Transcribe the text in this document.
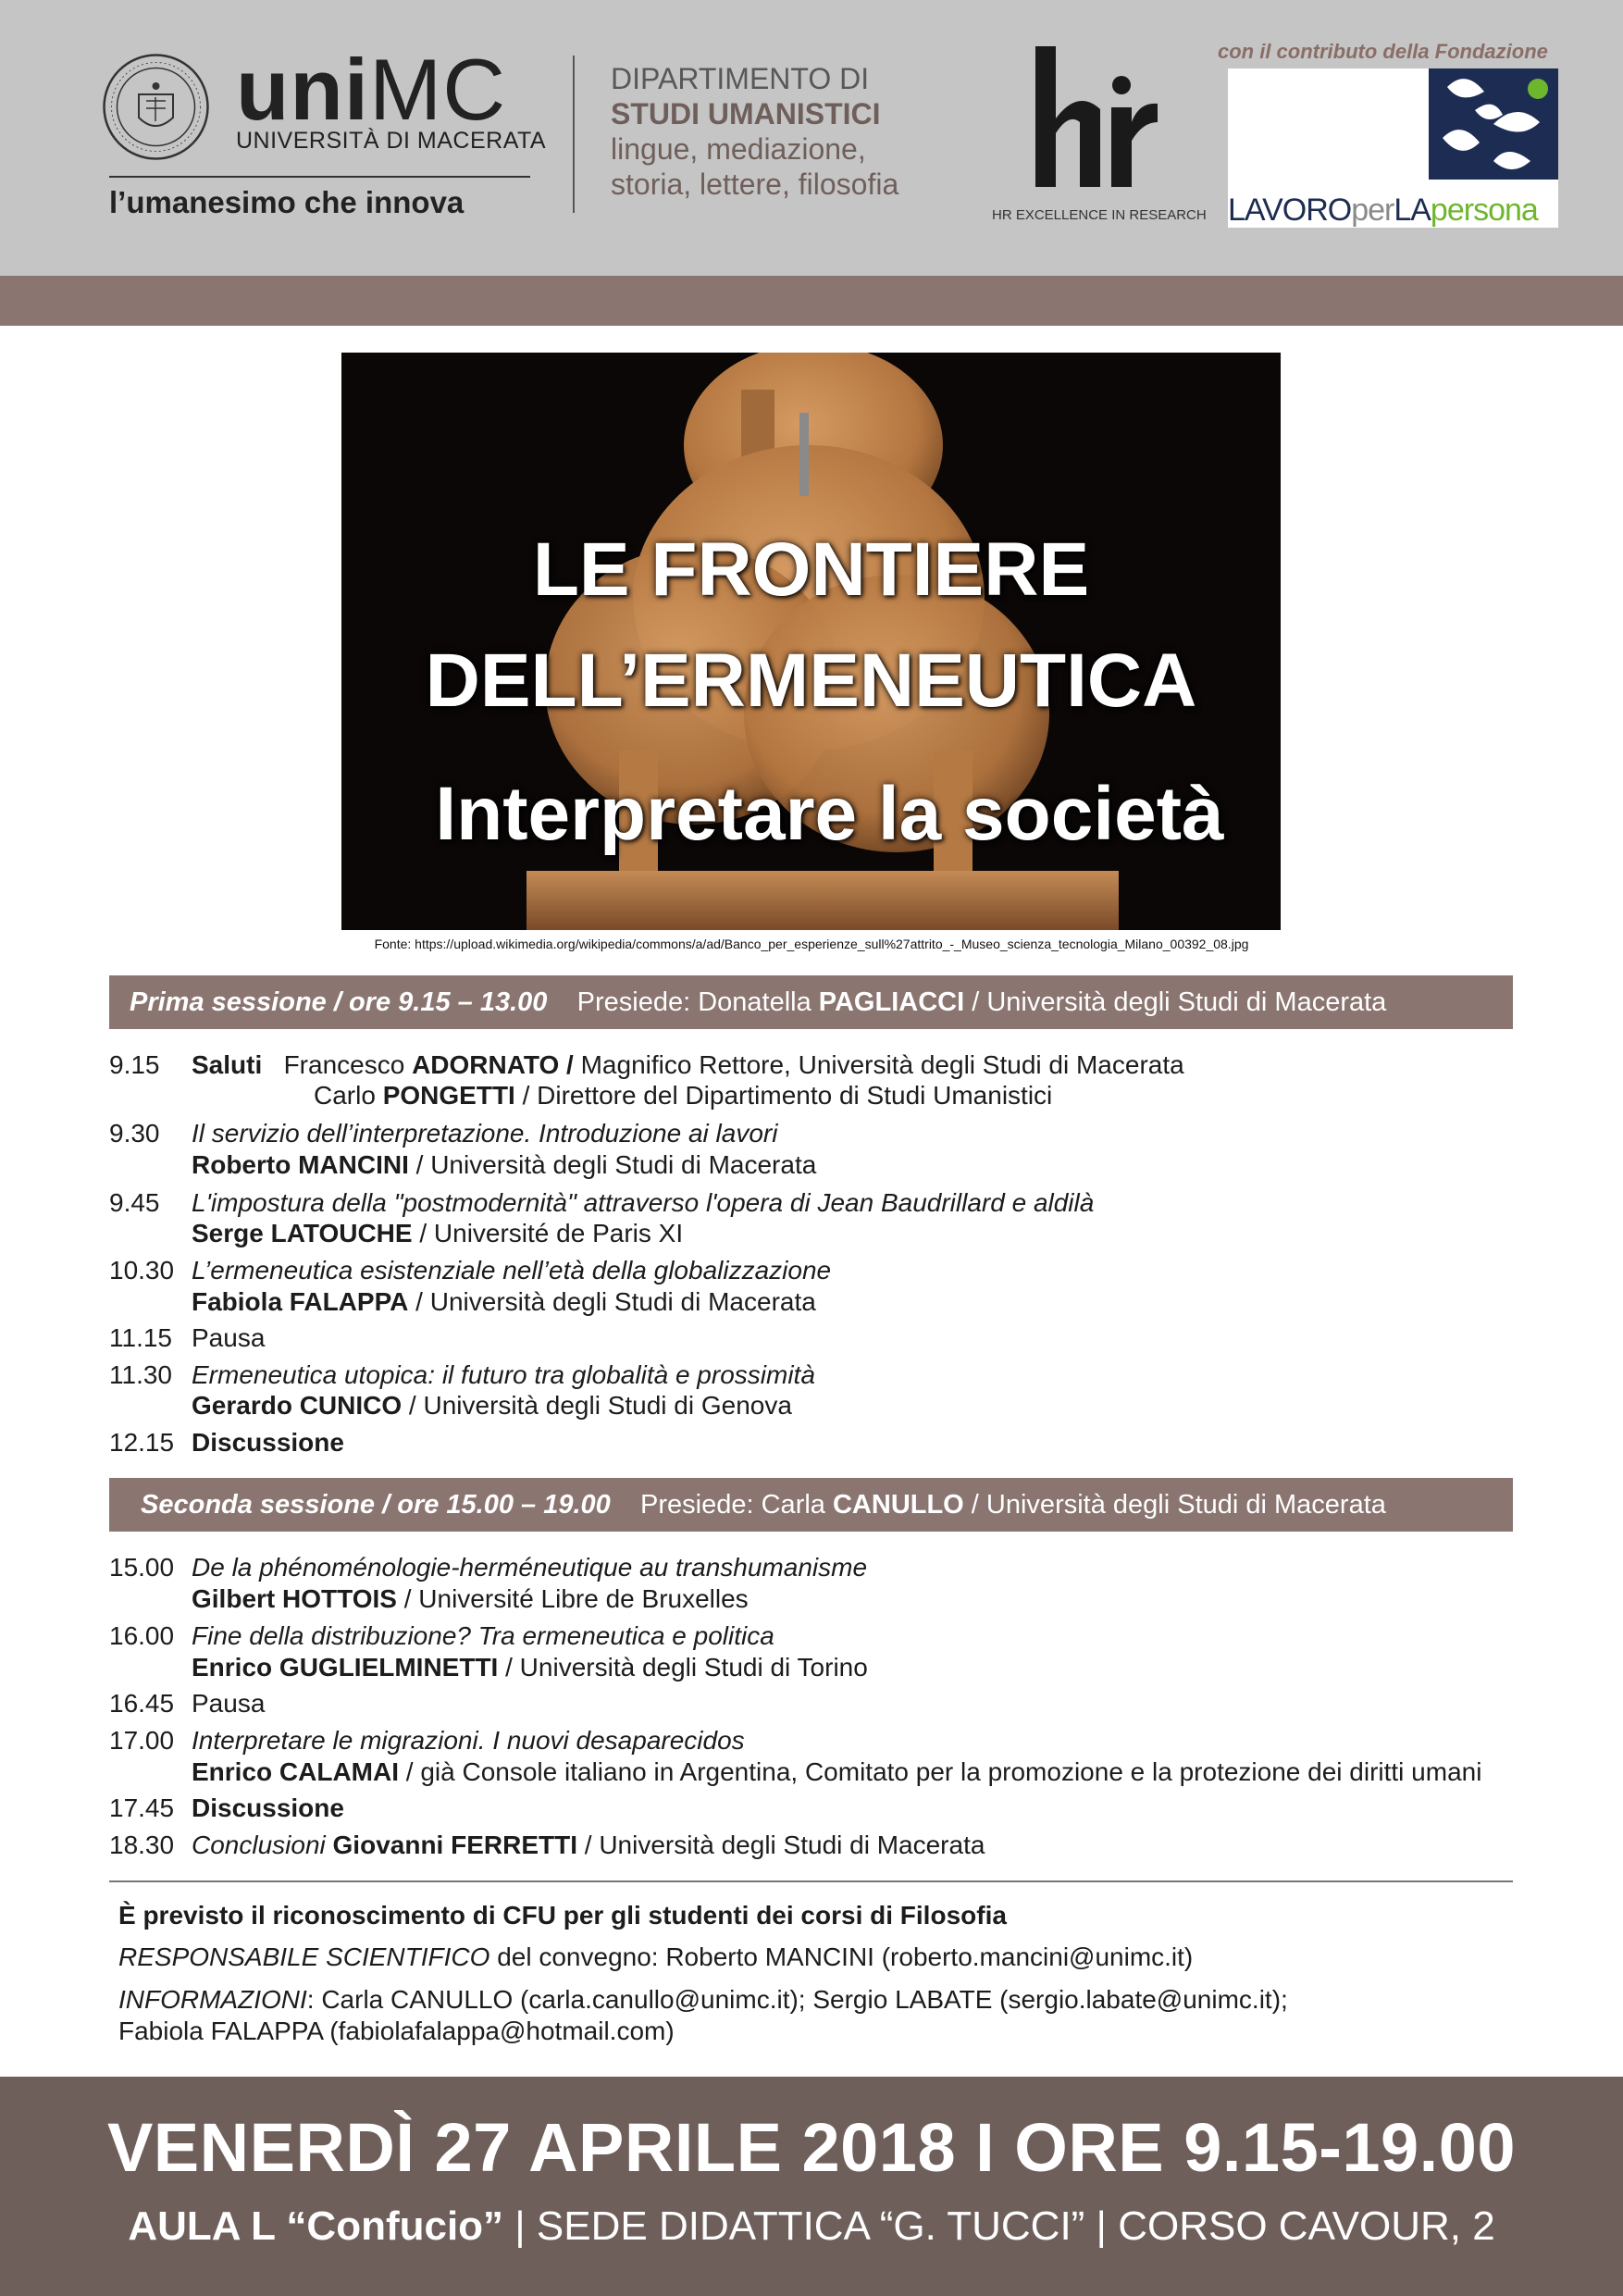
uniMC
UNIVERSITÀ DI MACERATA
l’umanesimo che innova
DIPARTIMENTO DI
STUDI UMANISTICI
lingue, mediazione,
storia, lettere, filosofia
HR EXCELLENCE IN RESEARCH
con il contributo della Fondazione
LAVOROperLApersona
LE FRONTIERE
DELL’ERMENEUTICA
Interpretare la società
Fonte: https://upload.wikimedia.org/wikipedia/commons/a/ad/Banco_per_esperienze_sull%27attrito_-_Museo_scienza_tecnologia_Milano_00392_08.jpg
Prima sessione / ore 9.15 – 13.00 Presiede: Donatella PAGLIACCI / Università degli Studi di Macerata
9.15 Saluti Francesco ADORNATO / Magnifico Rettore, Università degli Studi di Macerata
Carlo PONGETTI / Direttore del Dipartimento di Studi Umanistici
9.30 Il servizio dell’interpretazione. Introduzione ai lavori
Roberto MANCINI / Università degli Studi di Macerata
9.45 L'impostura della "postmodernità" attraverso l'opera di Jean Baudrillard e aldilà
Serge LATOUCHE / Université de Paris XI
10.30 L’ermeneutica esistenziale nell’età della globalizzazione
Fabiola FALAPPA / Università degli Studi di Macerata
11.15 Pausa
11.30 Ermeneutica utopica: il futuro tra globalità e prossimità
Gerardo CUNICO / Università degli Studi di Genova
12.15 Discussione
Seconda sessione / ore 15.00 – 19.00 Presiede: Carla CANULLO / Università degli Studi di Macerata
15.00 De la phénoménologie-herméneutique au transhumanisme
Gilbert HOTTOIS / Université Libre de Bruxelles
16.00 Fine della distribuzione? Tra ermeneutica e politica
Enrico GUGLIELMINETTI / Università degli Studi di Torino
16.45 Pausa
17.00 Interpretare le migrazioni. I nuovi desaparecidos
Enrico CALAMAI / già Console italiano in Argentina, Comitato per la promozione e la protezione dei diritti umani
17.45 Discussione
18.30 Conclusioni Giovanni FERRETTI / Università degli Studi di Macerata
È previsto il riconoscimento di CFU per gli studenti dei corsi di Filosofia
RESPONSABILE SCIENTIFICO del convegno: Roberto MANCINI (roberto.mancini@unimc.it)
INFORMAZIONI: Carla CANULLO (carla.canullo@unimc.it); Sergio LABATE (sergio.labate@unimc.it);
Fabiola FALAPPA (fabiolafalappa@hotmail.com)
VENERDÌ 27 APRILE 2018 I ORE 9.15-19.00
AULA L “Confucio” | SEDE DIDATTICA “G. TUCCI” | CORSO CAVOUR, 2
